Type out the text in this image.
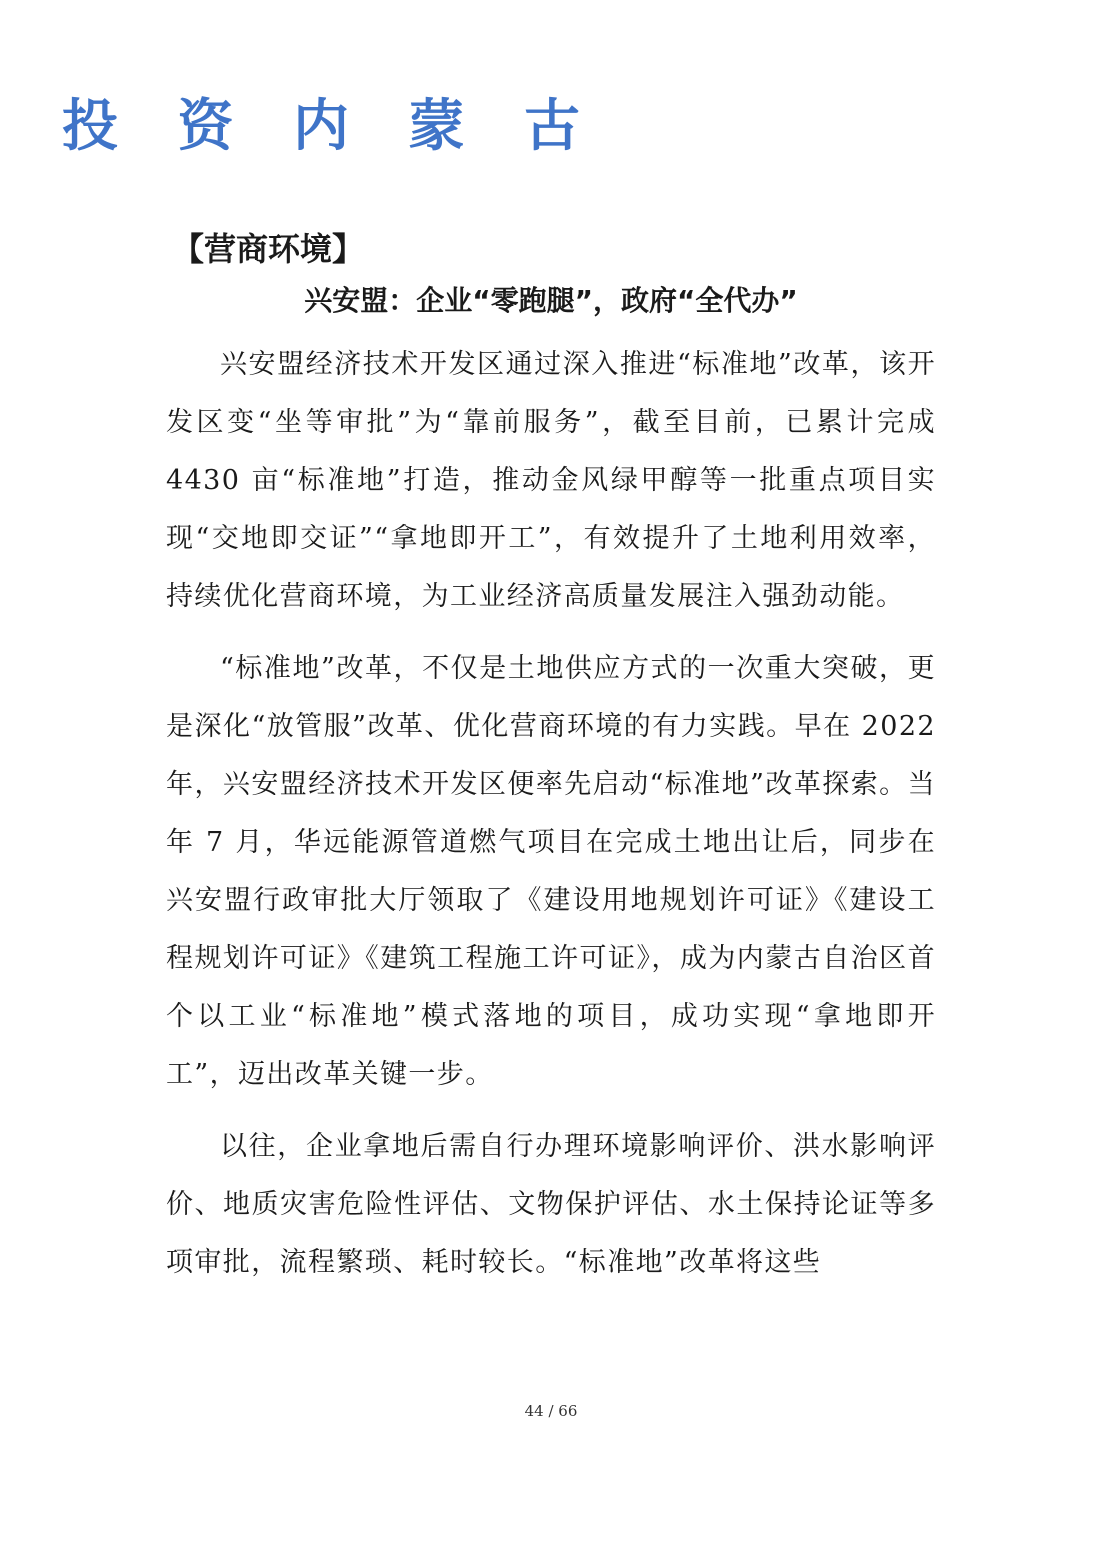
投 资 内 蒙 古
【营商环境】
兴安盟：企业“零跑腿”，政府“全代办”

兴安盟经济技术开发区通过深入推进“标准地”改革，该开发区变“坐等审批”为“靠前服务”，截至目前，已累计完成 4430 亩“标准地”打造，推动金风绿甲醇等一批重点项目实现“交地即交证”“拿地即开工”，有效提升了土地利用效率，持续优化营商环境，为工业经济高质量发展注入强劲动能。

“标准地”改革，不仅是土地供应方式的一次重大突破，更是深化“放管服”改革、优化营商环境的有力实践。早在 2022 年，兴安盟经济技术开发区便率先启动“标准地”改革探索。当年 7 月，华远能源管道燃气项目在完成土地出让后，同步在兴安盟行政审批大厅领取了《建设用地规划许可证》《建设工程规划许可证》《建筑工程施工许可证》，成为内蒙古自治区首个以工业“标准地”模式落地的项目，成功实现“拿地即开工”，迈出改革关键一步。

以往，企业拿地后需自行办理环境影响评价、洪水影响评价、地质灾害危险性评估、文物保护评估、水土保持论证等多项审批，流程繁琐、耗时较长。“标准地”改革将这些

44 / 66
